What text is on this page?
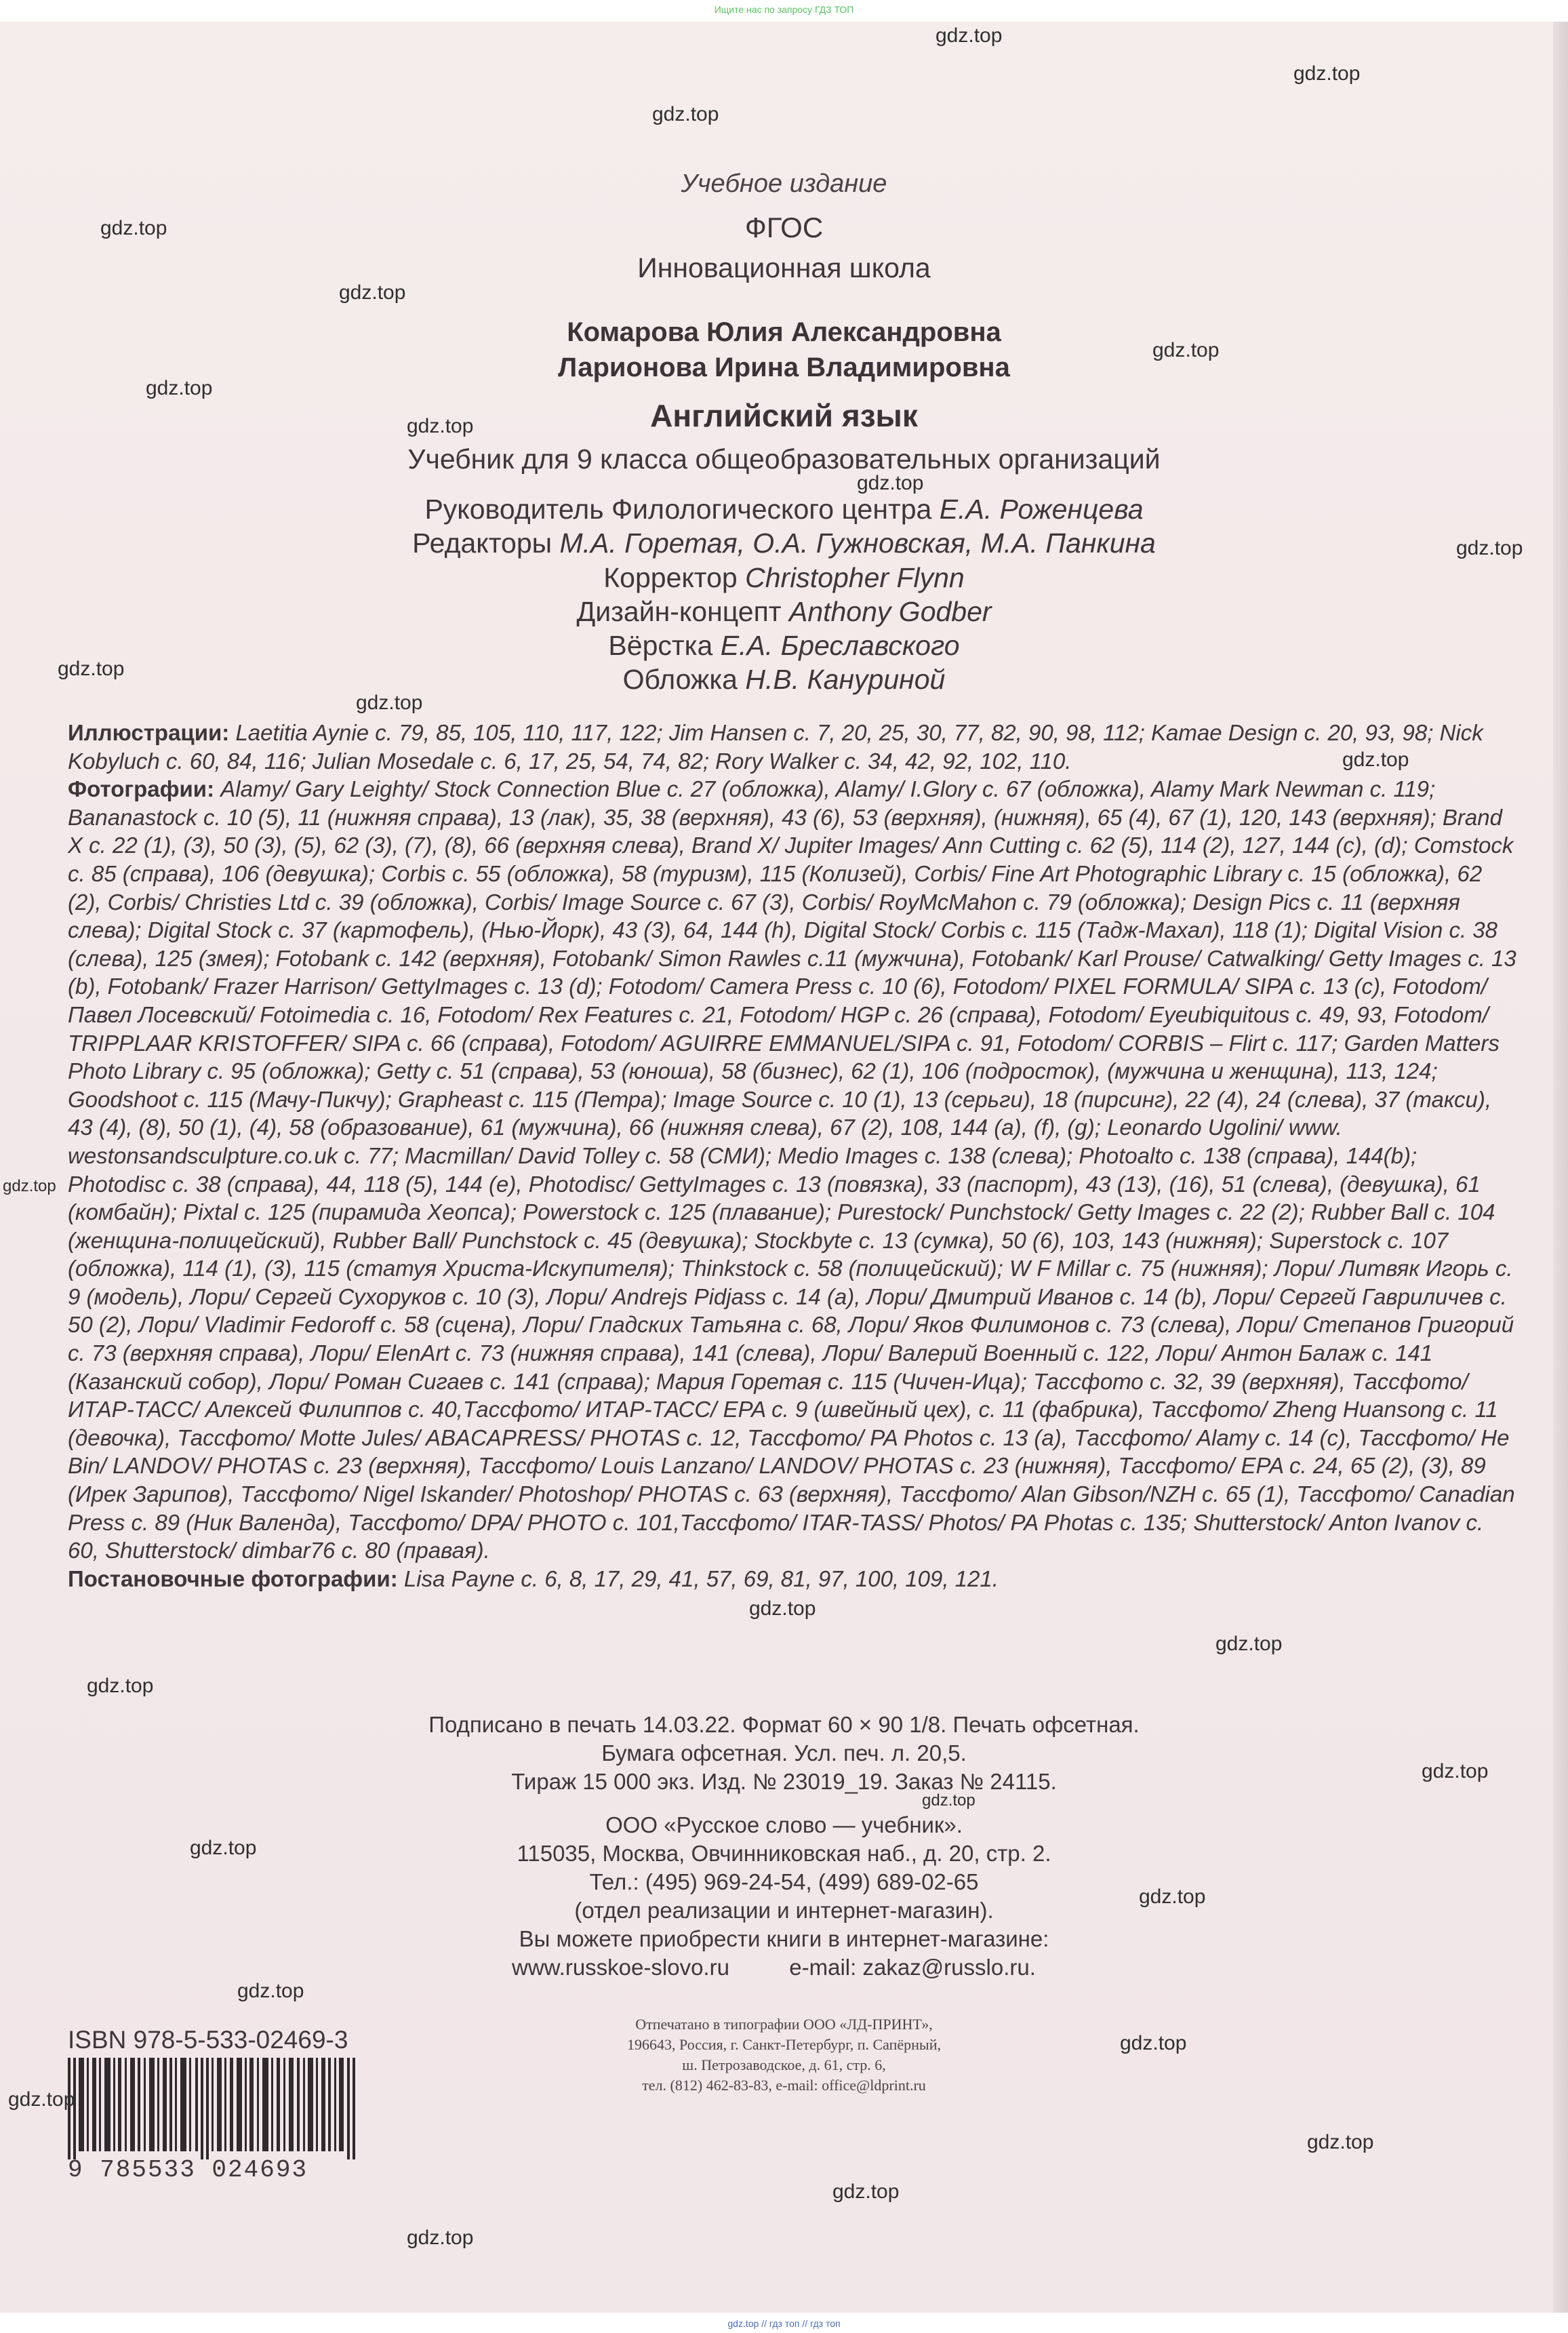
Ищите нас по запросу ГДЗ ТОП
Учебное издание
ФГОС
Инновационная школа
Комарова Юлия Александровна
Ларионова Ирина Владимировна
Английский язык
Учебник для 9 класса общеобразовательных организаций
Руководитель Филологического центра Е.А. Роженцева
Редакторы М.А. Горетая, О.А. Гужновская, М.А. Панкина
Корректор Christopher Flynn
Дизайн-концепт Anthony Godber
Вёрстка Е.А. Бреславского
Обложка Н.В. Кануриной

Иллюстрации: Laetitia Aynie c. 79, 85, 105, 110, 117, 122; Jim Hansen c. 7, 20, 25, 30, 77, 82, 90, 98, 112; Kamae Design c. 20, 93, 98; Nick Kobyluch c. 60, 84, 116; Julian Mosedale c. 6, 17, 25, 54, 74, 82; Rory Walker c. 34, 42, 92, 102, 110.

Фотографии: Alamy/ Gary Leighty/ Stock Connection Blue c. 27 (обложка), Alamy/ I.Glory c. 67 (обложка), Alamy Mark Newman c. 119; Bananastock c. 10 (5), 11 (нижняя справа), 13 (лак), 35, 38 (верхняя), 43 (6), 53 (верхняя), (нижняя), 65 (4), 67 (1), 120, 143 (верхняя); Brand X c. 22 (1), (3), 50 (3), (5), 62 (3), (7), (8), 66 (верхняя слева), Brand X/ Jupiter Images/ Ann Cutting c. 62 (5), 114 (2), 127, 144 (c), (d); Comstock c. 85 (справа), 106 (девушка); Corbis c. 55 (обложка), 58 (туризм), 115 (Колизей), Corbis/ Fine Art Photographic Library c. 15 (обложка), 62 (2), Corbis/ Christies Ltd c. 39 (обложка), Corbis/ Image Source c. 67 (3), Corbis/ RoyMcMahon c. 79 (обложка); Design Pics c. 11 (верхняя слева); Digital Stock c. 37 (картофель), (Нью-Йорк), 43 (3), 64, 144 (h), Digital Stock/ Corbis c. 115 (Тадж-Махал), 118 (1); Digital Vision c. 38 (слева), 125 (змея); Fotobank c. 142 (верхняя), Fotobank/ Simon Rawles c.11 (мужчина), Fotobank/ Karl Prouse/ Catwalking/ Getty Images c. 13 (b), Fotobank/ Frazer Harrison/ GettyImages c. 13 (d); Fotodom/ Camera Press c. 10 (6), Fotodom/ PIXEL FORMULA/ SIPA c. 13 (c), Fotodom/ Павел Лосевский/ Fotoimedia c. 16, Fotodom/ Rex Features c. 21, Fotodom/ HGP c. 26 (справа), Fotodom/ Eyeubiquitous c. 49, 93, Fotodom/ TRIPPLAAR KRISTOFFER/ SIPA c. 66 (справа), Fotodom/ AGUIRRE EMMANUEL/SIPA c. 91, Fotodom/ CORBIS – Flirt c. 117; Garden Matters Photo Library c. 95 (обложка); Getty c. 51 (справа), 53 (юноша), 58 (бизнес), 62 (1), 106 (подросток), (мужчина и женщина), 113, 124; Goodshoot c. 115 (Мачу-Пикчу); Grapheast c. 115 (Петра); Image Source c. 10 (1), 13 (серьги), 18 (пирсинг), 22 (4), 24 (слева), 37 (такси), 43 (4), (8), 50 (1), (4), 58 (образование), 61 (мужчина), 66 (нижняя слева), 67 (2), 108, 144 (a), (f), (g); Leonardo Ugolini/ www. westonsandsculpture.co.uk c. 77; Macmillan/ David Tolley c. 58 (СМИ); Medio Images c. 138 (слева); Photoalto c. 138 (справа), 144(b); Photodisc c. 38 (справа), 44, 118 (5), 144 (e), Photodisc/ GettyImages c. 13 (повязка), 33 (паспорт), 43 (13), (16), 51 (слева), (девушка), 61 (комбайн); Pixtal c. 125 (пирамида Хеопса); Powerstock c. 125 (плавание); Purestock/ Punchstock/ Getty Images c. 22 (2); Rubber Ball c. 104 (женщина-полицейский), Rubber Ball/ Punchstock c. 45 (девушка); Stockbyte c. 13 (сумка), 50 (6), 103, 143 (нижняя); Superstock c. 107 (обложка), 114 (1), (3), 115 (статуя Христа-Искупителя); Thinkstock c. 58 (полицейский); W F Millar c. 75 (нижняя); Лори/ Литвяк Игорь с. 9 (модель), Лори/ Сергей Сухоруков с. 10 (3), Лори/ Andrejs Pidjass c. 14 (a), Лори/ Дмитрий Иванов с. 14 (b), Лори/ Сергей Гавриличев с. 50 (2), Лори/ Vladimir Fedoroff c. 58 (сцена), Лори/ Гладских Татьяна с. 68, Лори/ Яков Филимонов с. 73 (слева), Лори/ Степанов Григорий с. 73 (верхняя справа), Лори/ ElenArt c. 73 (нижняя справа), 141 (слева), Лори/ Валерий Военный с. 122, Лори/ Антон Балаж с. 141 (Казанский собор), Лори/ Роман Сигаев с. 141 (справа); Мария Горетая с. 115 (Чичен-Ица); Тассфото с. 32, 39 (верхняя), Тассфото/ ИТАР-ТАСС/ Алексей Филиппов с. 40,Тассфото/ ИТАР-ТАСС/ EPA c. 9 (швейный цех), с. 11 (фабрика), Тассфото/ Zheng Huansong c. 11 (девочка), Тассфото/ Motte Jules/ ABACAPRESS/ PHOTAS c. 12, Тассфото/ PA Photos c. 13 (a), Тассфото/ Alamy c. 14 (c), Тассфото/ He Bin/ LANDOV/ PHOTAS c. 23 (верхняя), Тассфото/ Louis Lanzano/ LANDOV/ PHOTAS c. 23 (нижняя), Тассфото/ EPA c. 24, 65 (2), (3), 89 (Ирек Зарипов), Тассфото/ Nigel Iskander/ Photoshop/ PHOTAS c. 63 (верхняя), Тассфото/ Alan Gibson/NZH c. 65 (1), Тассфото/ Canadian Press c. 89 (Ник Валенда), Тассфото/ DPA/ PHOTO c. 101,Тассфото/ ITAR-TASS/ Photos/ PA Photas c. 135; Shutterstock/ Anton Ivanov c. 60, Shutterstock/ dimbar76 c. 80 (правая).

Постановочные фотографии: Lisa Payne c. 6, 8, 17, 29, 41, 57, 69, 81, 97, 100, 109, 121.

Подписано в печать 14.03.22. Формат 60 × 90 1/8. Печать офсетная.
Бумага офсетная. Усл. печ. л. 20,5.
Тираж 15 000 экз. Изд. № 23019_19. Заказ № 24115.
ООО «Русское слово — учебник».
115035, Москва, Овчинниковская наб., д. 20, стр. 2.
Тел.: (495) 969-24-54, (499) 689-02-65
(отдел реализации и интернет-магазин).
Вы можете приобрести книги в интернет-магазине:
www.russkoe-slovo.ru	e-mail: zakaz@russlo.ru.
Отпечатано в типографии ООО «ЛД-ПРИНТ»,
196643, Россия, г. Санкт-Петербург, п. Сапёрный,
ш. Петрозаводское, д. 61, стр. 6,
тел. (812) 462-83-83, e-mail: office@ldprint.ru
ISBN 978-5-533-02469-3
9 785533 024693
gdz.top
gdz.top
gdz.top
gdz.top
gdz.top
gdz.top
gdz.top
gdz.top
gdz.top
gdz.top
gdz.top
gdz.top
gdz.top
gdz.top
gdz.top
gdz.top
gdz.top
gdz.top
gdz.top
gdz.top
gdz.top
gdz.top
gdz.top
gdz.top
gdz.top
gdz.top
gdz.top
gdz.top // гдз топ // гдз топ
